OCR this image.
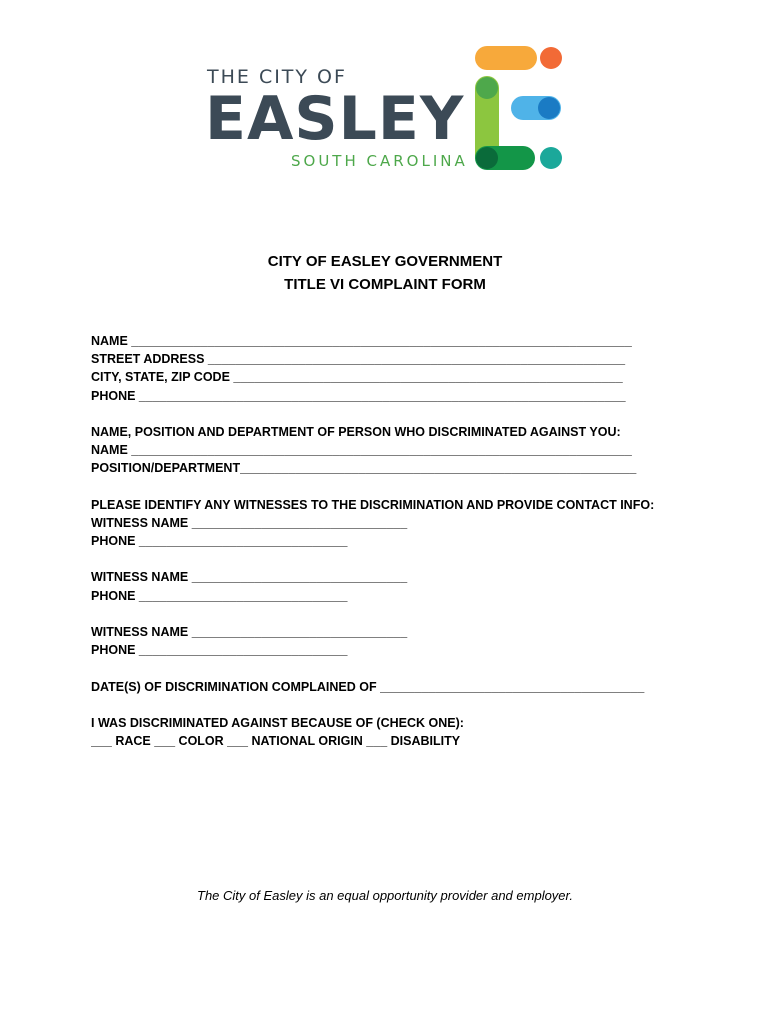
THE CITY OF
EASLEY
SOUTH CAROLINA
CITY OF EASLEY GOVERNMENT
TITLE VI COMPLAINT FORM
NAME ________________________________________________________________________
STREET ADDRESS ____________________________________________________________
CITY, STATE, ZIP CODE ________________________________________________________
PHONE ______________________________________________________________________
NAME, POSITION AND DEPARTMENT OF PERSON WHO DISCRIMINATED AGAINST YOU:
NAME ________________________________________________________________________
POSITION/DEPARTMENT_________________________________________________________
PLEASE IDENTIFY ANY WITNESSES TO THE DISCRIMINATION AND PROVIDE CONTACT INFO:
WITNESS NAME _______________________________
PHONE ______________________________
WITNESS NAME _______________________________
PHONE ______________________________
WITNESS NAME _______________________________
PHONE ______________________________
DATE(S) OF DISCRIMINATION COMPLAINED OF ______________________________________
I WAS DISCRIMINATED AGAINST BECAUSE OF (CHECK ONE):
___ RACE ___ COLOR ___ NATIONAL ORIGIN ___ DISABILITY
The City of Easley is an equal opportunity provider and employer.
